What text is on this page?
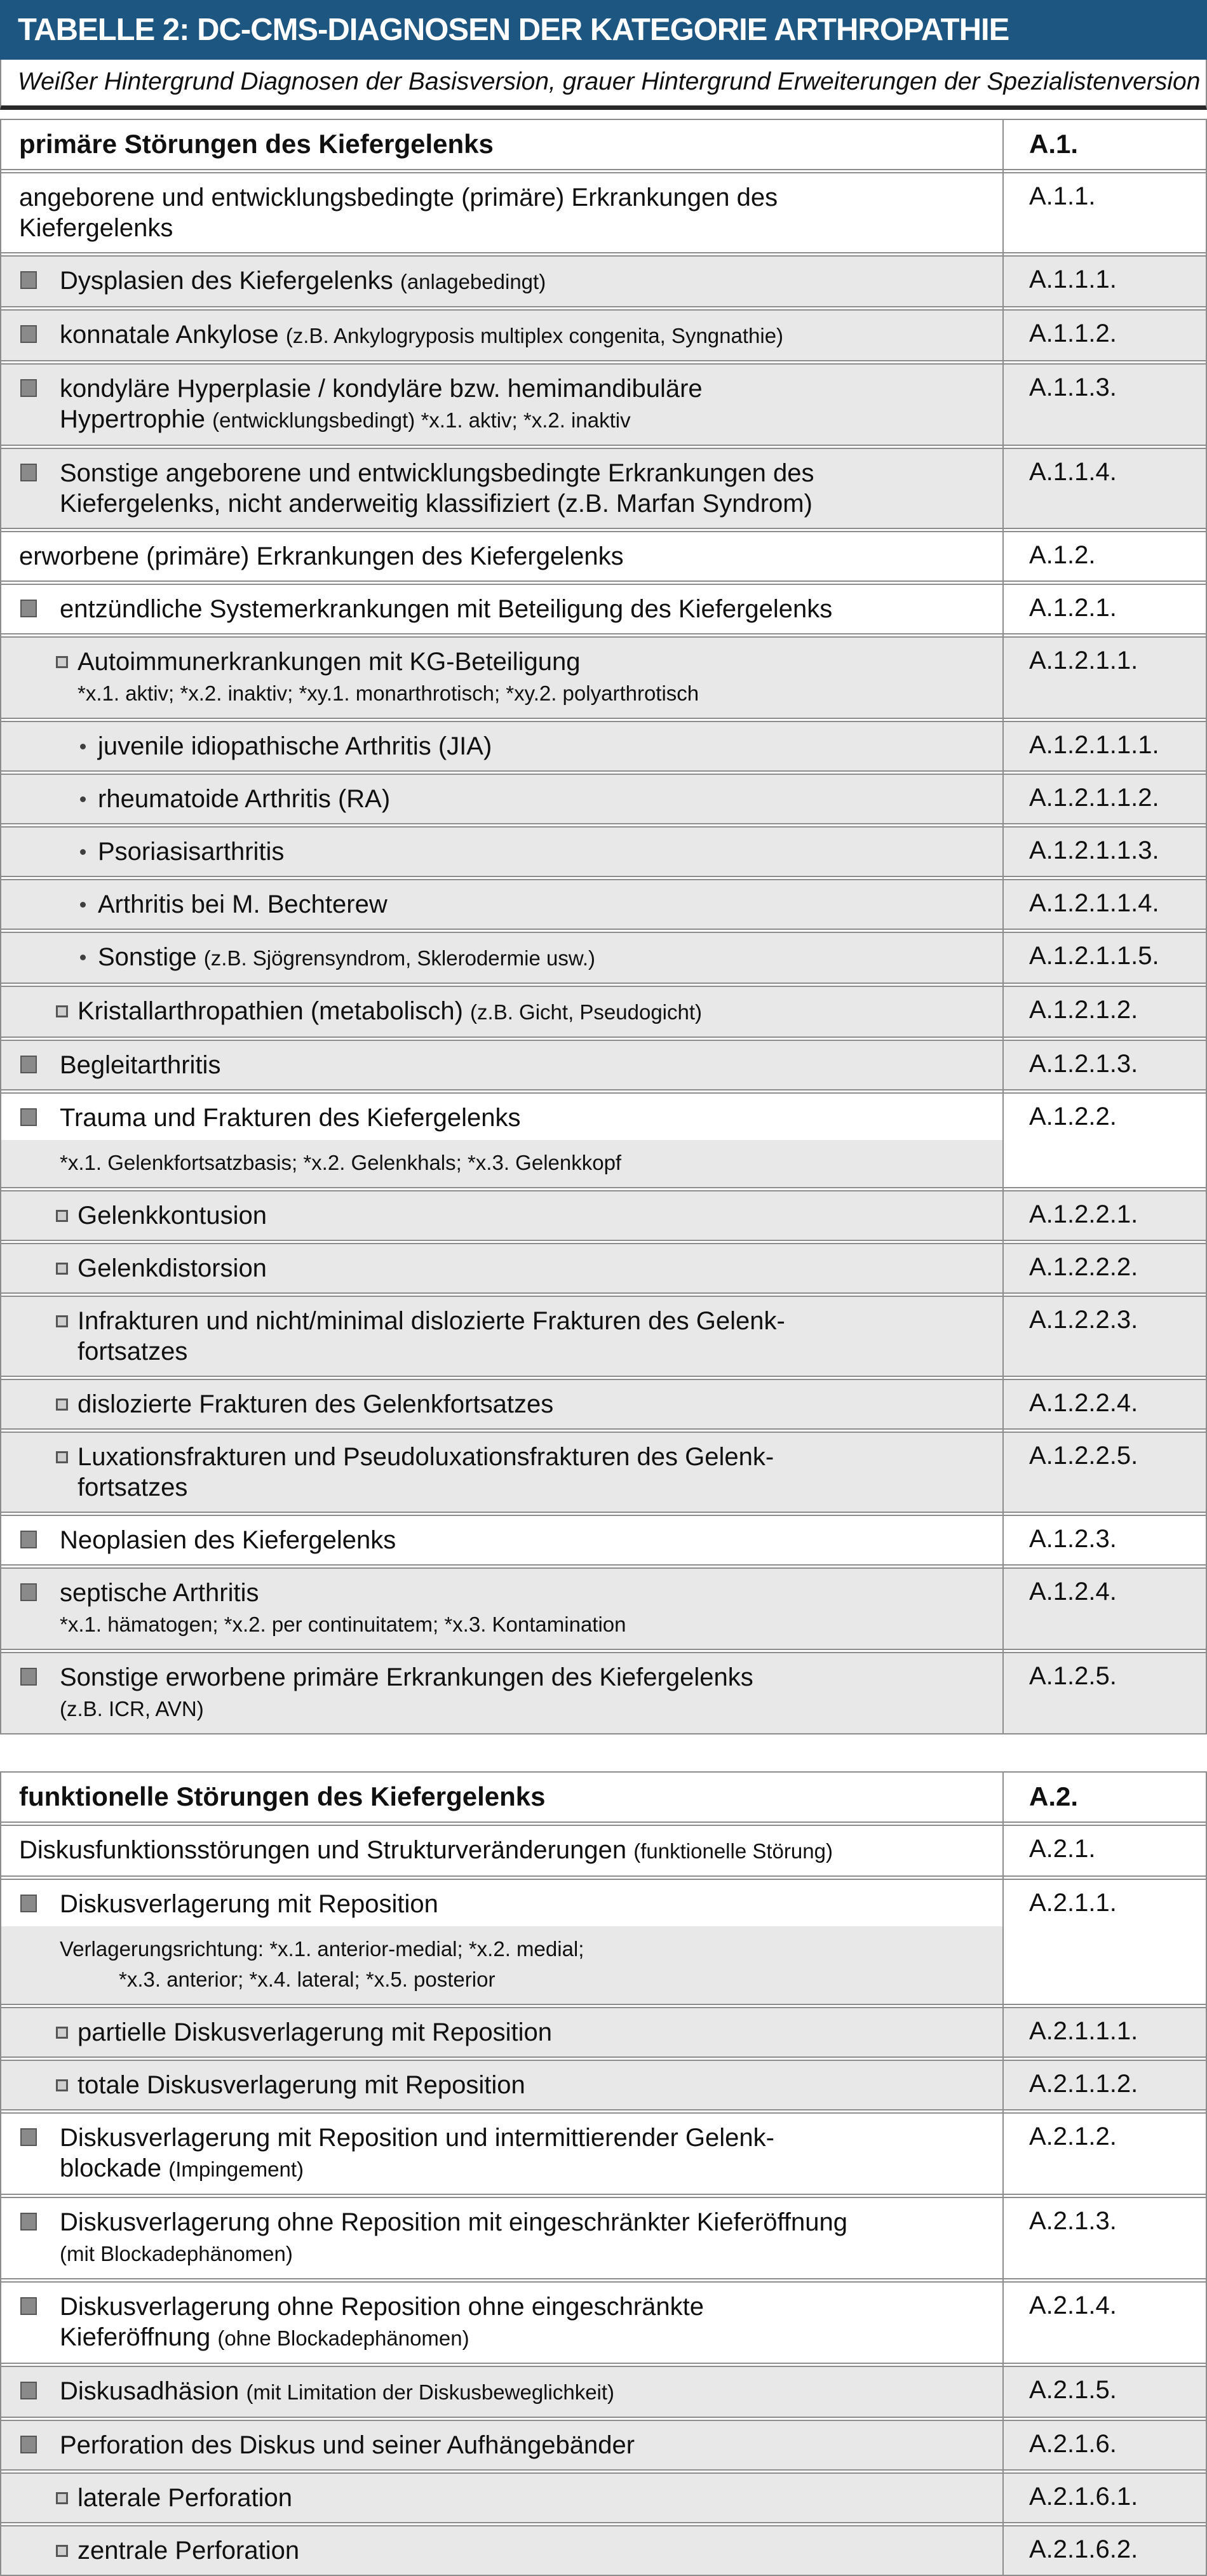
TABELLE 2: DC-CMS-DIAGNOSEN DER KATEGORIE ARTHROPATHIE
Weißer Hintergrund Diagnosen der Basisversion, grauer Hintergrund Erweiterungen der Spezialistenversion
primäre Störungen des Kiefergelenks	A.1.
angeborene und entwicklungsbedingte (primäre) Erkrankungen des
Kiefergelenks
A.1.1.
Dysplasien des Kiefergelenks (anlagebedingt)	A.1.1.1.
konnatale Ankylose (z.B. Ankylogryposis multiplex congenita, Syngnathie)	A.1.1.2.
kondyläre Hyperplasie / kondyläre bzw. hemimandibuläre
Hypertrophie (entwicklungsbedingt) *x.1. aktiv; *x.2. inaktiv
A.1.1.3.
Sonstige angeborene und entwicklungsbedingte Erkrankungen des
Kiefergelenks, nicht anderweitig klassifiziert (z.B. Marfan Syndrom)
A.1.1.4.
erworbene (primäre) Erkrankungen des Kiefergelenks	A.1.2.
entzündliche Systemerkrankungen mit Beteiligung des Kiefergelenks	A.1.2.1.
Autoimmunerkrankungen mit KG-Beteiligung
*x.1. aktiv; *x.2. inaktiv; *xy.1. monarthrotisch; *xy.2. polyarthrotisch
A.1.2.1.1.
juvenile idiopathische Arthritis (JIA)	A.1.2.1.1.1.
rheumatoide Arthritis (RA)	A.1.2.1.1.2.
Psoriasisarthritis	A.1.2.1.1.3.
Arthritis bei M. Bechterew	A.1.2.1.1.4.
Sonstige (z.B. Sjögrensyndrom, Sklerodermie usw.)	A.1.2.1.1.5.
Kristallarthropathien (metabolisch) (z.B. Gicht, Pseudogicht)	A.1.2.1.2.
Begleitarthritis	A.1.2.1.3.
Trauma und Frakturen des Kiefergelenks
*x.1. Gelenkfortsatzbasis; *x.2. Gelenkhals; *x.3. Gelenkkopf
A.1.2.2.
Gelenkkontusion	A.1.2.2.1.
Gelenkdistorsion	A.1.2.2.2.
Infrakturen und nicht/minimal dislozierte Frakturen des Gelenk-
fortsatzes
A.1.2.2.3.
dislozierte Frakturen des Gelenkfortsatzes	A.1.2.2.4.
Luxationsfrakturen und Pseudoluxationsfrakturen des Gelenk-
fortsatzes
A.1.2.2.5.
Neoplasien des Kiefergelenks	A.1.2.3.
septische Arthritis
*x.1. hämatogen; *x.2. per continuitatem; *x.3. Kontamination
A.1.2.4.
Sonstige erworbene primäre Erkrankungen des Kiefergelenks
(z.B. ICR, AVN)
A.1.2.5.
funktionelle Störungen des Kiefergelenks	A.2.
Diskusfunktionsstörungen und Strukturveränderungen (funktionelle Störung)	A.2.1.
Diskusverlagerung mit Reposition
Verlagerungsrichtung: *x.1. anterior-medial; *x.2. medial;
*x.3. anterior; *x.4. lateral; *x.5. posterior
A.2.1.1.
partielle Diskusverlagerung mit Reposition	A.2.1.1.1.
totale Diskusverlagerung mit Reposition	A.2.1.1.2.
Diskusverlagerung mit Reposition und intermittierender Gelenk-
blockade (Impingement)
A.2.1.2.
Diskusverlagerung ohne Reposition mit eingeschränkter Kieferöffnung
(mit Blockadephänomen)
A.2.1.3.
Diskusverlagerung ohne Reposition ohne eingeschränkte
Kieferöffnung (ohne Blockadephänomen)
A.2.1.4.
Diskusadhäsion (mit Limitation der Diskusbeweglichkeit)	A.2.1.5.
Perforation des Diskus und seiner Aufhängebänder	A.2.1.6.
laterale Perforation	A.2.1.6.1.
zentrale Perforation	A.2.1.6.2.
